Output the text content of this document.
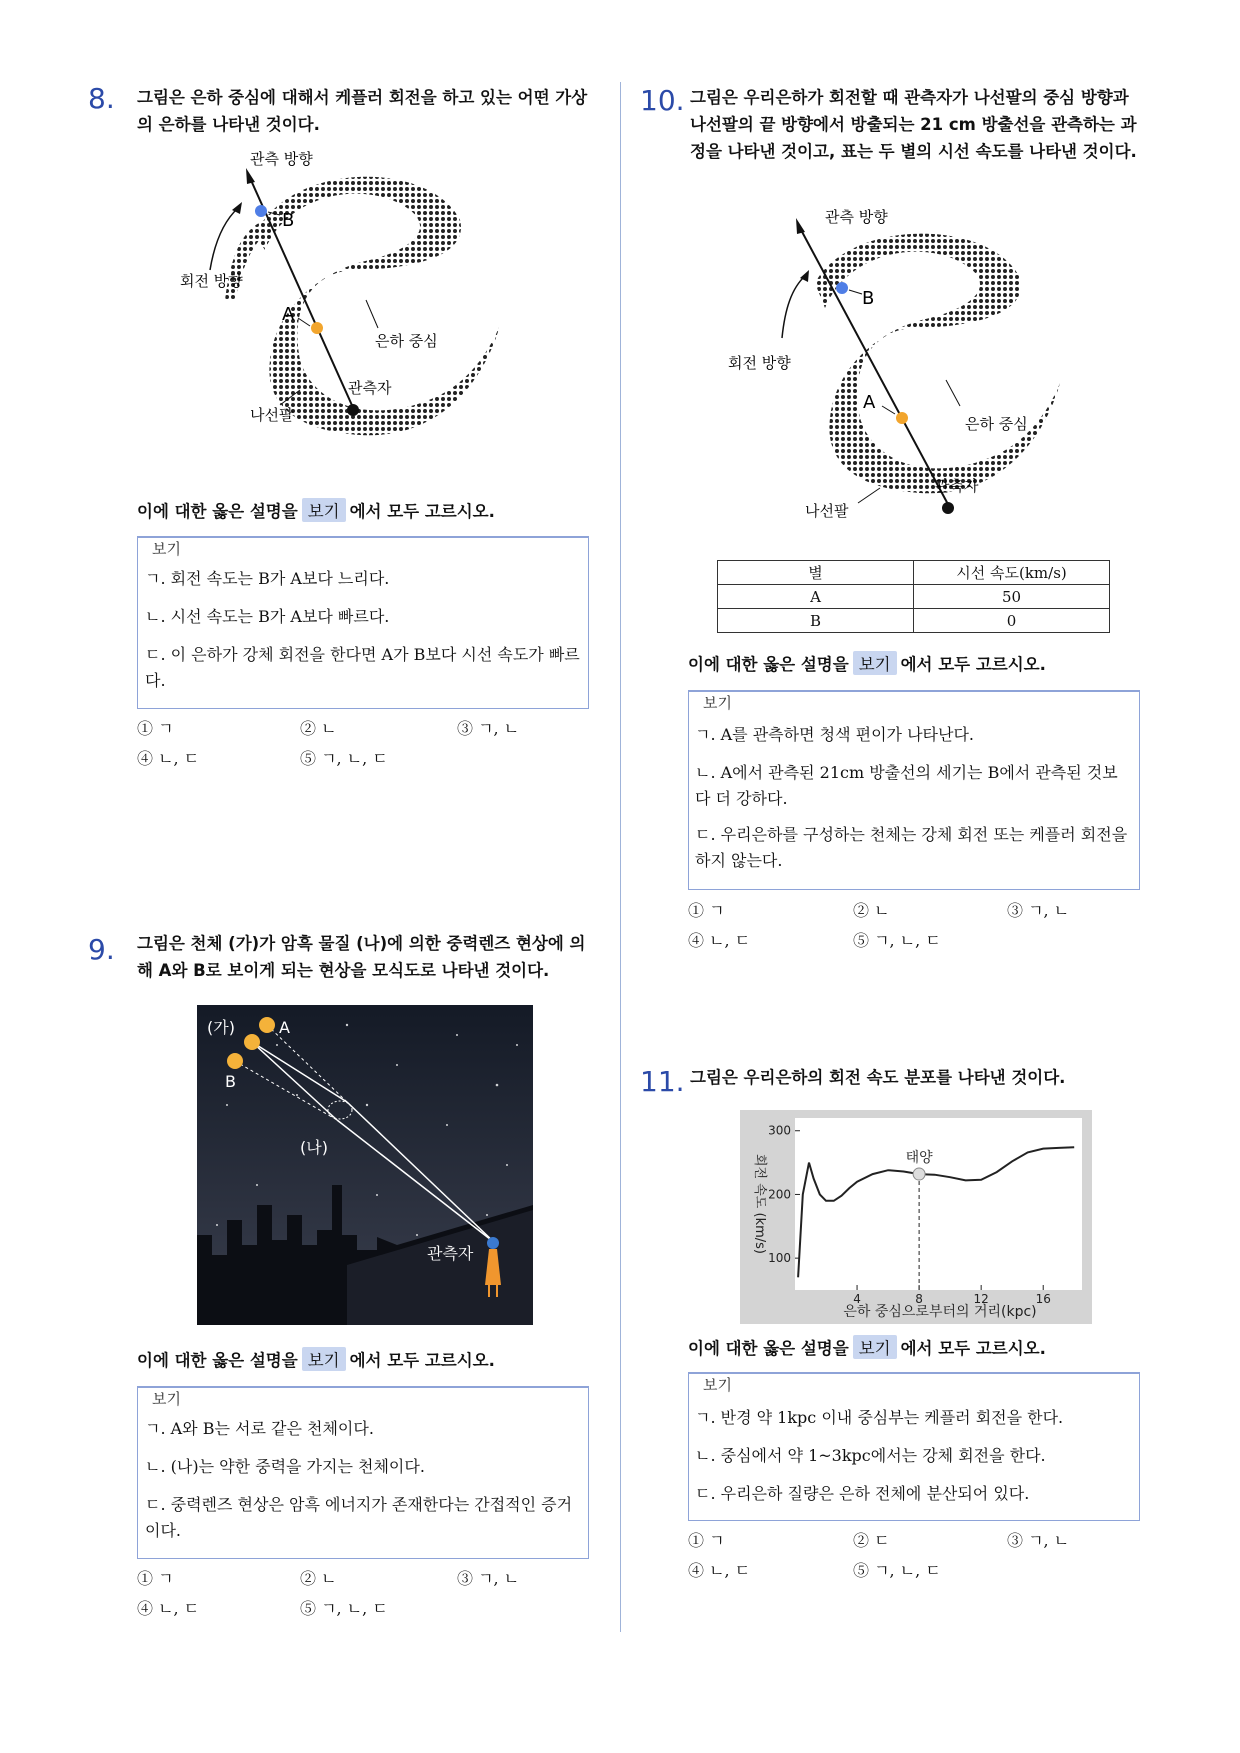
8. 그림은 은하 중심에 대해서 케플러 회전을 하고 있는 어떤 가상의 은하를 나타낸 것이다.
관측 방향
회전 방향
B
A
은하 중심
관측자
나선팔
이에 대한 옳은 설명을 보기 에서 모두 고르시오.
보기
ㄱ. 회전 속도는 B가 A보다 느리다.
ㄴ. 시선 속도는 B가 A보다 빠르다.
ㄷ. 이 은하가 강체 회전을 한다면 A가 B보다 시선 속도가 빠르다.
① ㄱ	② ㄴ	③ ㄱ, ㄴ
④ ㄴ, ㄷ	⑤ ㄱ, ㄴ, ㄷ
9. 그림은 천체 (가)가 암흑 물질 (나)에 의한 중력렌즈 현상에 의해 A와 B로 보이게 되는 현상을 모식도로 나타낸 것이다.
(가)	A
B
(나)
관측자
이에 대한 옳은 설명을 보기 에서 모두 고르시오.
보기
ㄱ. A와 B는 서로 같은 천체이다.
ㄴ. (나)는 약한 중력을 가지는 천체이다.
ㄷ. 중력렌즈 현상은 암흑 에너지가 존재한다는 간접적인 증거이다.
① ㄱ	② ㄴ	③ ㄱ, ㄴ
④ ㄴ, ㄷ	⑤ ㄱ, ㄴ, ㄷ
10. 그림은 우리은하가 회전할 때 관측자가 나선팔의 중심 방향과 나선팔의 끝 방향에서 방출되는 21 cm 방출선을 관측하는 과정을 나타낸 것이고, 표는 두 별의 시선 속도를 나타낸 것이다.
관측 방향
회전 방향
B
A
은하 중심
관측자
나선팔
별	시선 속도(km/s)
A	50
B	0
이에 대한 옳은 설명을 보기 에서 모두 고르시오.
보기
ㄱ. A를 관측하면 청색 편이가 나타난다.
ㄴ. A에서 관측된 21cm 방출선의 세기는 B에서 관측된 것보다 더 강하다.
ㄷ. 우리은하를 구성하는 천체는 강체 회전 또는 케플러 회전을 하지 않는다.
① ㄱ	② ㄴ	③ ㄱ, ㄴ
④ ㄴ, ㄷ	⑤ ㄱ, ㄴ, ㄷ
11. 그림은 우리은하의 회전 속도 분포를 나타낸 것이다.
4	8	12	16
100
200
300
태양
은하 중심으로부터의 거리(kpc)
회전 속도 (km/s)
이에 대한 옳은 설명을 보기 에서 모두 고르시오.
보기
ㄱ. 반경 약 1kpc 이내 중심부는 케플러 회전을 한다.
ㄴ. 중심에서 약 1~3kpc에서는 강체 회전을 한다.
ㄷ. 우리은하 질량은 은하 전체에 분산되어 있다.
① ㄱ	② ㄷ	③ ㄱ, ㄴ
④ ㄴ, ㄷ	⑤ ㄱ, ㄴ, ㄷ
